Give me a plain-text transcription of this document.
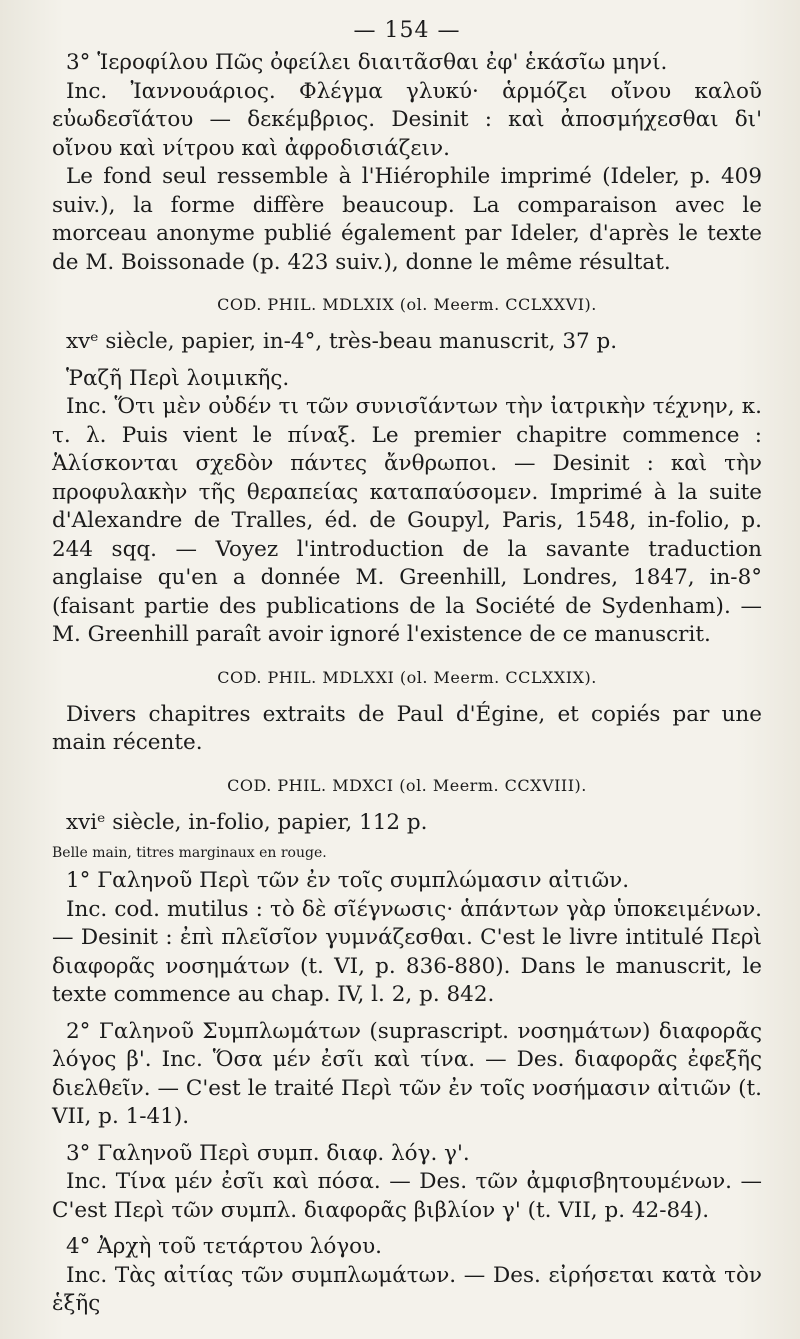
— 154 —

3° Ἱεροφίλου Πῶς ὀφείλει διαιτᾶσθαι ἐφ' ἑκάσῖω μηνί.

Inc. Ἰαννουάριος. Φλέγμα γλυκύ· ἁρμόζει οἴνου καλοῦ εὐωδεσῖάτου — δεκέμβριος. Desinit : καὶ ἀποσμήχεσθαι δι' οἴνου καὶ νίτρου καὶ ἀφροδισιάζειν.

Le fond seul ressemble à l'Hiérophile imprimé (Ideler, p. 409 suiv.), la forme diffère beaucoup. La comparaison avec le morceau anonyme publié également par Ideler, d'après le texte de M. Boissonade (p. 423 suiv.), donne le même résultat.

COD. PHIL. MDLXIX (ol. Meerm. CCLXXVI).

xvᵉ siècle, papier, in-4°, très-beau manuscrit, 37 p.

Ῥαζῆ Περὶ λοιμικῆς.

Inc. Ὅτι μὲν οὐδέν τι τῶν συνισῖάντων τὴν ἰατρικὴν τέχνην, κ. τ. λ. Puis vient le πίναξ. Le premier chapitre commence : Ἁλίσκονται σχεδὸν πάντες ἄνθρωποι. — Desinit : καὶ τὴν προφυλακὴν τῆς θεραπείας καταπαύσομεν. Imprimé à la suite d'Alexandre de Tralles, éd. de Goupyl, Paris, 1548, in-folio, p. 244 sqq. — Voyez l'introduction de la savante traduction anglaise qu'en a donnée M. Greenhill, Londres, 1847, in-8° (faisant partie des publications de la Société de Sydenham). — M. Greenhill paraît avoir ignoré l'existence de ce manuscrit.

COD. PHIL. MDLXXI (ol. Meerm. CCLXXIX).

Divers chapitres extraits de Paul d'Égine, et copiés par une main récente.

COD. PHIL. MDXCI (ol. Meerm. CCXVIII).

xviᵉ siècle, in-folio, papier, 112 p.

Belle main, titres marginaux en rouge.

1° Γαληνοῦ Περὶ τῶν ἐν τοῖς συμπλώμασιν αἰτιῶν.

Inc. cod. mutilus : τὸ δὲ σῖέγνωσις· ἁπάντων γὰρ ὑποκειμένων. — Desinit : ἐπὶ πλεῖσῖον γυμνάζεσθαι. C'est le livre intitulé Περὶ διαφορᾶς νοσημάτων (t. VI, p. 836-880). Dans le manuscrit, le texte commence au chap. IV, l. 2, p. 842.

2° Γαληνοῦ Συμπλωμάτων (suprascript. νοσημάτων) διαφορᾶς λόγος β'. Inc. Ὅσα μέν ἐσῖι καὶ τίνα. — Des. διαφορᾶς ἐφεξῆς διελθεῖν. — C'est le traité Περὶ τῶν ἐν τοῖς νοσήμασιν αἰτιῶν (t. VII, p. 1-41).

3° Γαληνοῦ Περὶ συμπ. διαφ. λόγ. γ'.

Inc. Τίνα μέν ἐσῖι καὶ πόσα. — Des. τῶν ἀμφισβητουμένων. — C'est Περὶ τῶν συμπλ. διαφορᾶς βιβλίον γ' (t. VII, p. 42-84).

4° Ἀρχὴ τοῦ τετάρτου λόγου.

Inc. Τὰς αἰτίας τῶν συμπλωμάτων. — Des. εἰρήσεται κατὰ τὸν ἑξῆς
